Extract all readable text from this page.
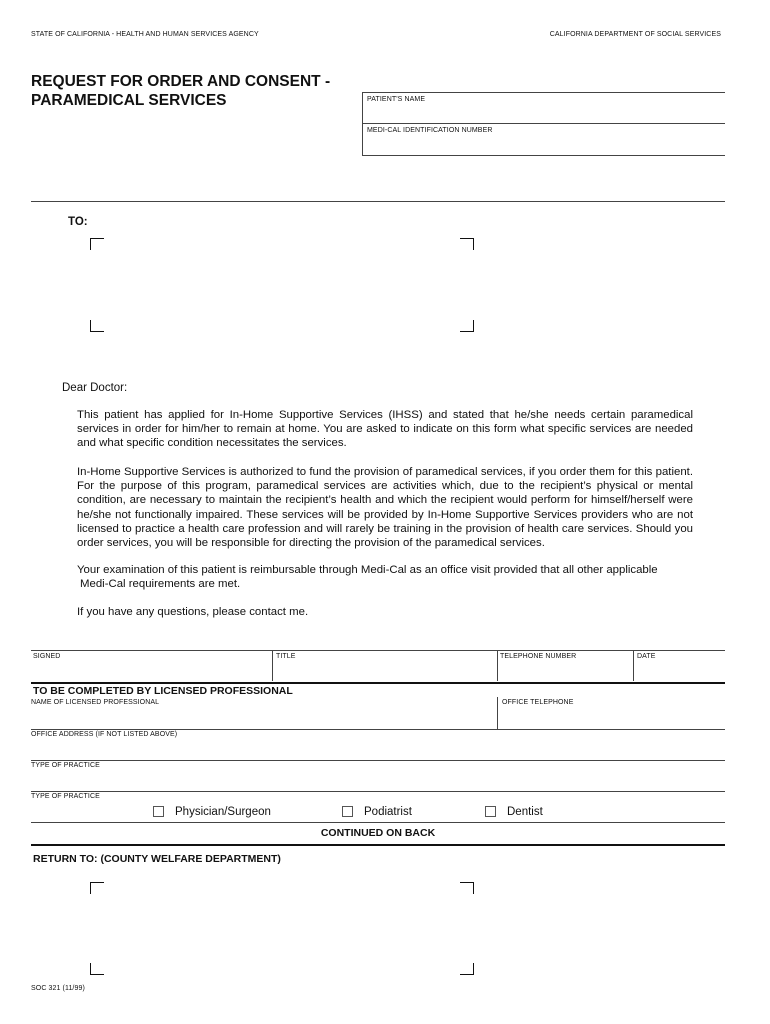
STATE OF CALIFORNIA - HEALTH AND HUMAN SERVICES AGENCY	CALIFORNIA DEPARTMENT OF SOCIAL SERVICES
REQUEST FOR ORDER AND CONSENT -
PARAMEDICAL SERVICES	PATIENT'S NAME
MEDI-CAL IDENTIFICATION NUMBER
TO:
Dear Doctor:
This patient has applied for In-Home Supportive Services (IHSS) and stated that he/she needs certain paramedical services in order for him/her to remain at home. You are asked to indicate on this form what specific services are needed and what specific condition necessitates the services.
In-Home Supportive Services is authorized to fund the provision of paramedical services, if you order them for this patient. For the purpose of this program, paramedical services are activities which, due to the recipient’s physical or mental condition, are necessary to maintain the recipient’s health and which the recipient would perform for himself/herself were he/she not functionally impaired. These services will be provided by In-Home Supportive Services providers who are not licensed to practice a health care profession and will rarely be training in the provision of health care services. Should you order services, you will be responsible for directing the provision of the paramedical services.
Your examination of this patient is reimbursable through Medi-Cal as an office visit provided that all other applicable
Medi-Cal requirements are met.
If you have any questions, please contact me.
SIGNED	TITLE	TELEPHONE NUMBER	DATE
TO BE COMPLETED BY LICENSED PROFESSIONAL
NAME OF LICENSED PROFESSIONAL	OFFICE TELEPHONE
OFFICE ADDRESS (IF NOT LISTED ABOVE)
TYPE OF PRACTICE
TYPE OF PRACTICE
Physician/Surgeon	Podiatrist	Dentist
CONTINUED ON BACK
RETURN TO: (COUNTY WELFARE DEPARTMENT)
SOC 321 (11/99)
